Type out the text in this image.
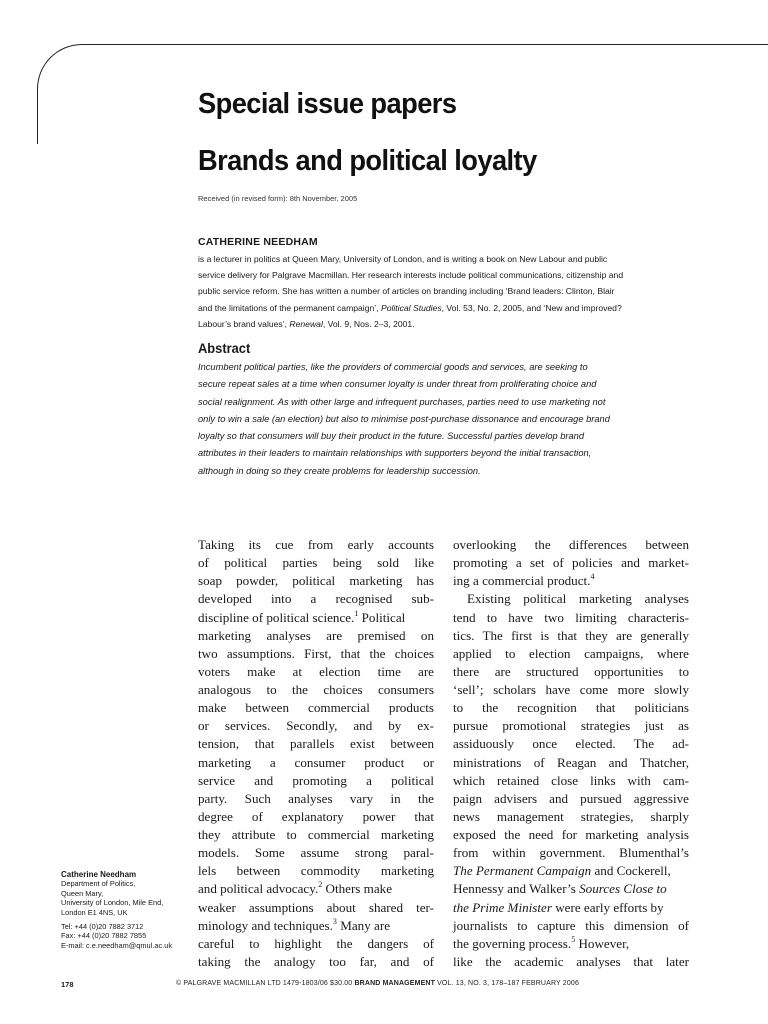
Special issue papers
Brands and political loyalty
Received (in revised form): 8th November, 2005
CATHERINE NEEDHAM
is a lecturer in politics at Queen Mary, University of London, and is writing a book on New Labour and public
service delivery for Palgrave Macmillan. Her research interests include political communications, citizenship and
public service reform. She has written a number of articles on branding including ‘Brand leaders: Clinton, Blair
and the limitations of the permanent campaign’, Political Studies, Vol. 53, No. 2, 2005, and ‘New and improved?
Labour’s brand values’, Renewal, Vol. 9, Nos. 2–3, 2001.
Abstract
Incumbent political parties, like the providers of commercial goods and services, are seeking to
secure repeat sales at a time when consumer loyalty is under threat from proliferating choice and
social realignment. As with other large and infrequent purchases, parties need to use marketing not
only to win a sale (an election) but also to minimise post-purchase dissonance and encourage brand
loyalty so that consumers will buy their product in the future. Successful parties develop brand
attributes in their leaders to maintain relationships with supporters beyond the initial transaction,
although in doing so they create problems for leadership succession.
Taking its cue from early accounts
of political parties being sold like
soap powder, political marketing has
developed into a recognised sub-
discipline of political science.$^1$ Political
marketing analyses are premised on
two assumptions. First, that the choices
voters make at election time are
analogous to the choices consumers
make between commercial products
or services. Secondly, and by ex-
tension, that parallels exist between
marketing a consumer product or
service and promoting a political
party. Such analyses vary in the
degree of explanatory power that
they attribute to commercial marketing
models. Some assume strong paral-
lels between commodity marketing
and political advocacy.$^2$ Others make
weaker assumptions about shared ter-
minology and techniques.$^3$ Many are
careful to highlight the dangers of
taking the analogy too far, and of
overlooking the differences between
promoting a set of policies and market-
ing a commercial product.$^4$
Existing political marketing analyses
tend to have two limiting characteris-
tics. The first is that they are generally
applied to election campaigns, where
there are structured opportunities to
‘sell’; scholars have come more slowly
to the recognition that politicians
pursue promotional strategies just as
assiduously once elected. The ad-
ministrations of Reagan and Thatcher,
which retained close links with cam-
paign advisers and pursued aggressive
news management strategies, sharply
exposed the need for marketing analysis
from within government. Blumenthal’s
The Permanent Campaign and Cockerell,
Hennessy and Walker’s Sources Close to
the Prime Minister were early efforts by
journalists to capture this dimension of
the governing process.$^5$ However,
like the academic analyses that later
Catherine Needham
Department of Politics,
Queen Mary,
University of London, Mile End,
London E1 4NS, UK
Tel: +44 (0)20 7882 3712
Fax: +44 (0)20 7882 7855
E-mail: c.e.needham@qmul.ac.uk
178	© PALGRAVE MACMILLAN LTD 1479-1803/06 $30.00 BRAND MANAGEMENT VOL. 13, NO. 3, 178–187 FEBRUARY 2006
